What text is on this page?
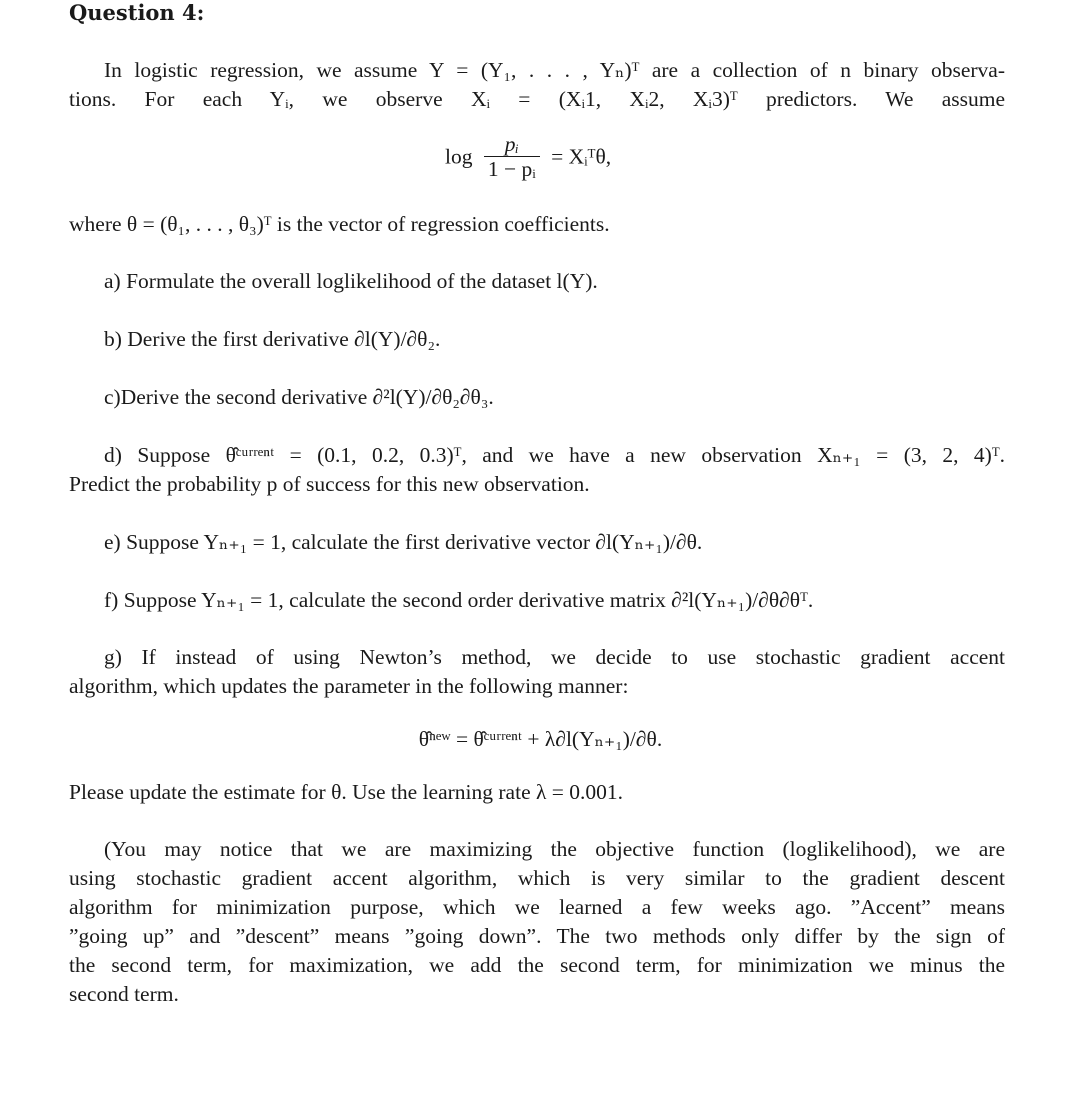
Question 4:
In logistic regression, we assume Y = (Y₁, . . . , Yₙ)ᵀ are a collection of n binary observa-
tions. For each Yᵢ, we observe Xᵢ = (Xᵢ1, Xᵢ2, Xᵢ3)ᵀ predictors. We assume
$\log \frac{\text{pᵢ}}{\text{1 − pᵢ}}$ = Xᵢᵀθ,
where θ = (θ₁, . . . , θ₃)ᵀ is the vector of regression coefficients.
a) Formulate the overall loglikelihood of the dataset l(Y).
b) Derive the first derivative ∂l(Y)/∂θ₂.
c)Derive the second derivative ∂²l(Y)/∂θ₂∂θ₃.
d) Suppose θ̂ᶜᵘʳʳᵉⁿᵗ = (0.1, 0.2, 0.3)ᵀ, and we have a new observation Xₙ₊₁ = (3, 2, 4)ᵀ.
Predict the probability p of success for this new observation.
e) Suppose Yₙ₊₁ = 1, calculate the first derivative vector ∂l(Yₙ₊₁)/∂θ.
f) Suppose Yₙ₊₁ = 1, calculate the second order derivative matrix ∂²l(Yₙ₊₁)/∂θ∂θᵀ.
g) If instead of using Newton’s method, we decide to use stochastic gradient accent
algorithm, which updates the parameter in the following manner:
θ̂ⁿᵉʷ = θ̂ᶜᵘʳʳᵉⁿᵗ + λ∂l(Yₙ₊₁)/∂θ.
Please update the estimate for θ. Use the learning rate λ = 0.001.
(You may notice that we are maximizing the objective function (loglikelihood), we are
using stochastic gradient accent algorithm, which is very similar to the gradient descent
algorithm for minimization purpose, which we learned a few weeks ago. ”Accent” means
”going up” and ”descent” means ”going down”. The two methods only differ by the sign of
the second term, for maximization, we add the second term, for minimization we minus the
second term.
